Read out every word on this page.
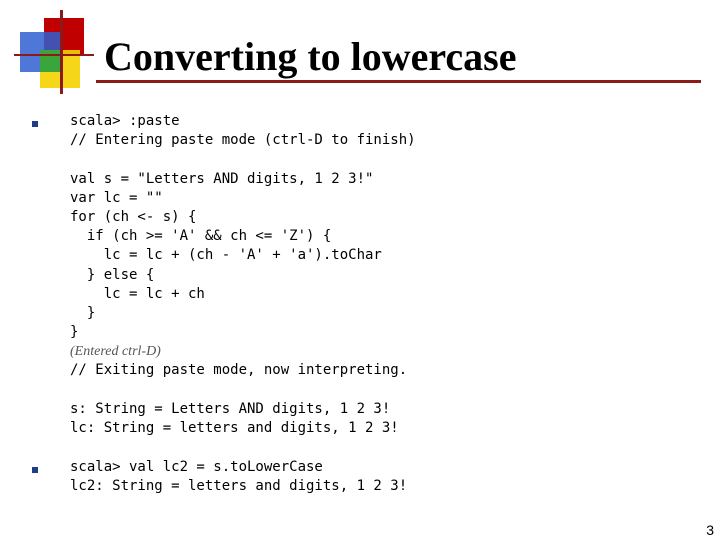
Converting to lowercase
scala> :paste
// Entering paste mode (ctrl-D to finish)
val s = "Letters AND digits, 1 2 3!"
var lc = ""
for (ch <- s) {
if (ch >= 'A' && ch <= 'Z') {
lc = lc + (ch - 'A' + 'a').toChar
} else {
lc = lc + ch
}
}
(Entered ctrl-D)
// Exiting paste mode, now interpreting.
s: String = Letters AND digits, 1 2 3!
lc: String = letters and digits, 1 2 3!
scala> val lc2 = s.toLowerCase
lc2: String = letters and digits, 1 2 3!
3
